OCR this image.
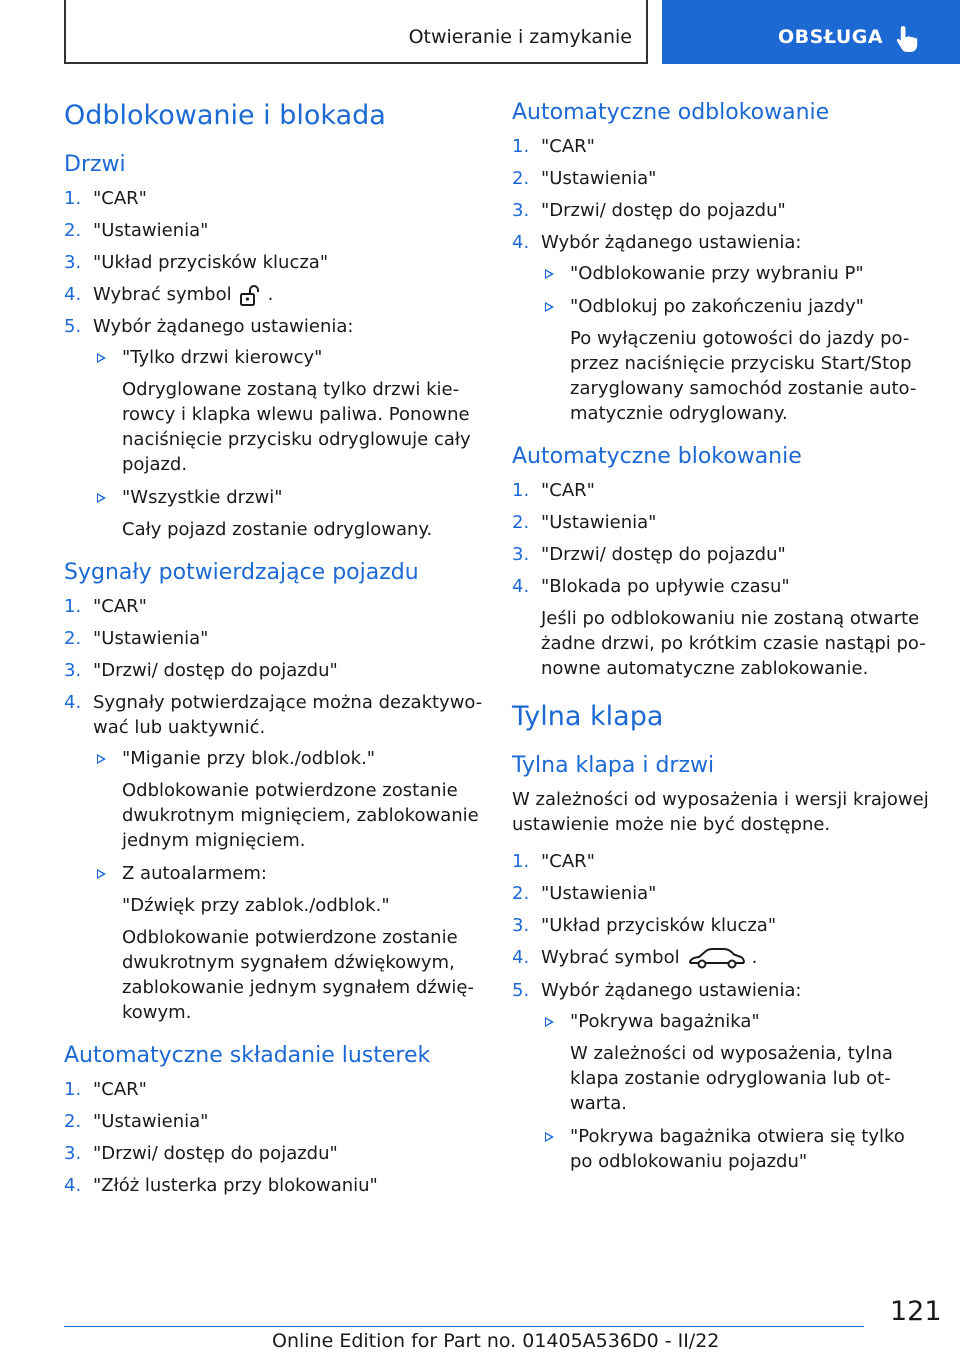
Otwieranie i zamykanie	OBSŁUGA
Odblokowanie i blokada
Drzwi
1. "CAR"
2. "Ustawienia"
3. "Układ przycisków klucza"
4. Wybrać symbol .
5. Wybór żądanego ustawienia:
"Tylko drzwi kierowcy"
Odryglowane zostaną tylko drzwi kie- rowcy i klapka wlewu paliwa. Ponowne naciśnięcie przycisku odryglowuje cały pojazd.
"Wszystkie drzwi"
Cały pojazd zostanie odryglowany.
Sygnały potwierdzające pojazdu
1. "CAR"
2. "Ustawienia"
3. "Drzwi/ dostęp do pojazdu"
4. Sygnały potwierdzające można dezaktywo- wać lub uaktywnić.
"Miganie przy blok./odblok."
Odblokowanie potwierdzone zostanie dwukrotnym mignięciem, zablokowanie jednym mignięciem.
Z autoalarmem:
"Dźwięk przy zablok./odblok."
Odblokowanie potwierdzone zostanie dwukrotnym sygnałem dźwiękowym, zablokowanie jednym sygnałem dźwię- kowym.
Automatyczne składanie lusterek
1. "CAR"
2. "Ustawienia"
3. "Drzwi/ dostęp do pojazdu"
4. "Złóż lusterka przy blokowaniu"
Automatyczne odblokowanie
1. "CAR"
2. "Ustawienia"
3. "Drzwi/ dostęp do pojazdu"
4. Wybór żądanego ustawienia:
"Odblokowanie przy wybraniu P"
"Odblokuj po zakończeniu jazdy"
Po wyłączeniu gotowości do jazdy po- przez naciśnięcie przycisku Start/Stop zaryglowany samochód zostanie auto- matycznie odryglowany.
Automatyczne blokowanie
1. "CAR"
2. "Ustawienia"
3. "Drzwi/ dostęp do pojazdu"
4. "Blokada po upływie czasu"
Jeśli po odblokowaniu nie zostaną otwarte żadne drzwi, po krótkim czasie nastąpi po- nowne automatyczne zablokowanie.
Tylna klapa
Tylna klapa i drzwi

W zależności od wyposażenia i wersji krajowej ustawienie może nie być dostępne.

1. "CAR"
2. "Ustawienia"
3. "Układ przycisków klucza"
4. Wybrać symbol	.
5. Wybór żądanego ustawienia:
"Pokrywa bagażnika"
W zależności od wyposażenia, tylna klapa zostanie odryglowania lub ot- warta.
"Pokrywa bagażnika otwiera się tylko po odblokowaniu pojazdu"
121
Online Edition for Part no. 01405A536D0 - II/22
